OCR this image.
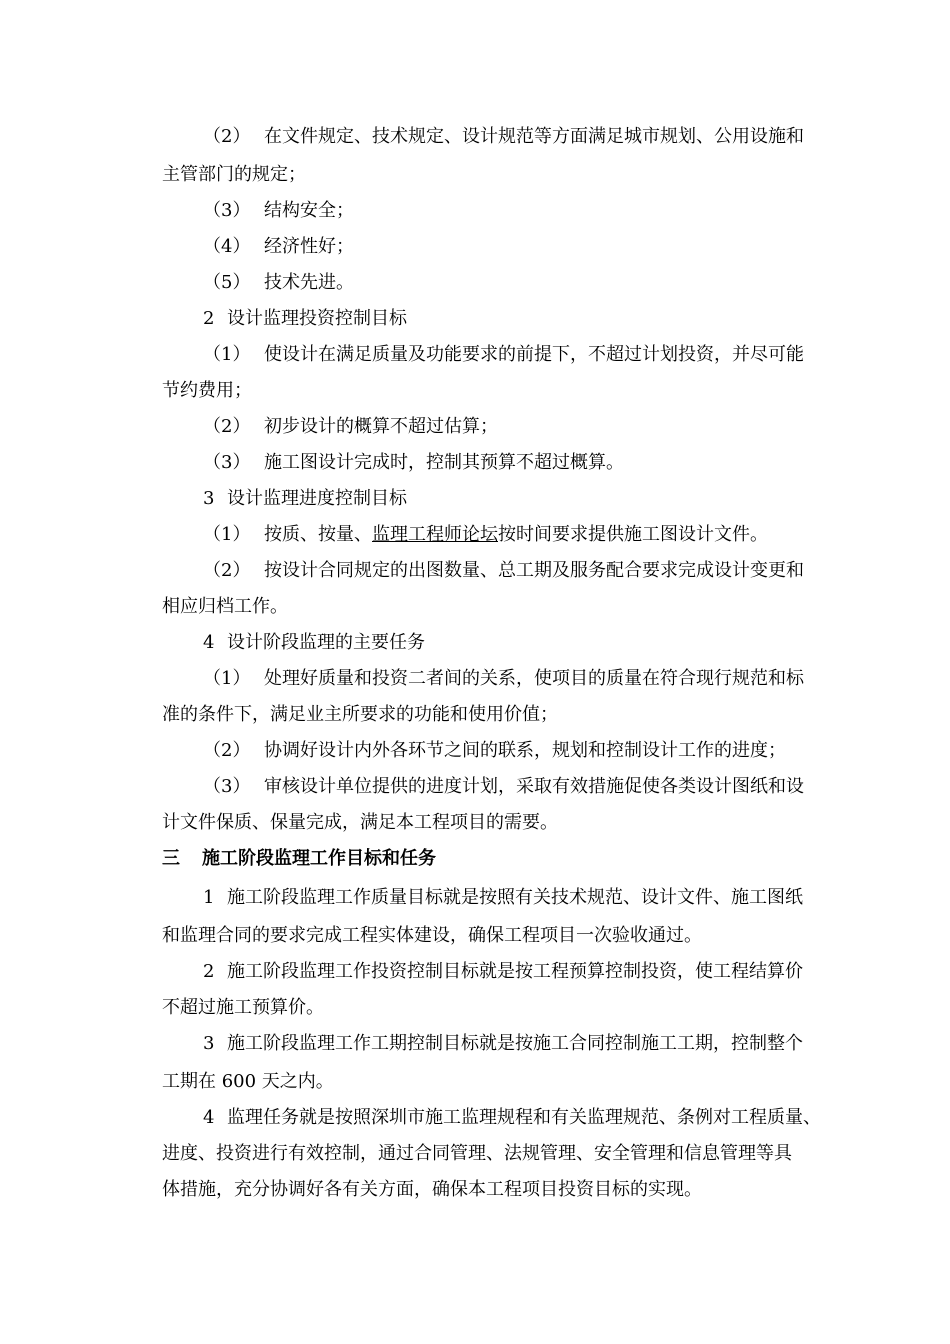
（2） 在文件规定、技术规定、设计规范等方面满足城市规划、公用设施和
主管部门的规定；
（3） 结构安全；
（4） 经济性好；
（5） 技术先进。
2 设计监理投资控制目标
（1） 使设计在满足质量及功能要求的前提下，不超过计划投资，并尽可能
节约费用；
（2） 初步设计的概算不超过估算；
（3） 施工图设计完成时，控制其预算不超过概算。
3 设计监理进度控制目标
（1） 按质、按量、监理工程师论坛按时间要求提供施工图设计文件。
（2） 按设计合同规定的出图数量、总工期及服务配合要求完成设计变更和
相应归档工作。
4 设计阶段监理的主要任务
（1） 处理好质量和投资二者间的关系，使项目的质量在符合现行规范和标
准的条件下，满足业主所要求的功能和使用价值；
（2） 协调好设计内外各环节之间的联系，规划和控制设计工作的进度；
（3） 审核设计单位提供的进度计划，采取有效措施促使各类设计图纸和设
计文件保质、保量完成，满足本工程项目的需要。
三 施工阶段监理工作目标和任务
1 施工阶段监理工作质量目标就是按照有关技术规范、设计文件、施工图纸
和监理合同的要求完成工程实体建设，确保工程项目一次验收通过。
2 施工阶段监理工作投资控制目标就是按工程预算控制投资，使工程结算价
不超过施工预算价。
3 施工阶段监理工作工期控制目标就是按施工合同控制施工工期，控制整个
工期在 600 天之内。
4 监理任务就是按照深圳市施工监理规程和有关监理规范、条例对工程质量、
进度、投资进行有效控制，通过合同管理、法规管理、安全管理和信息管理等具
体措施，充分协调好各有关方面，确保本工程项目投资目标的实现。
